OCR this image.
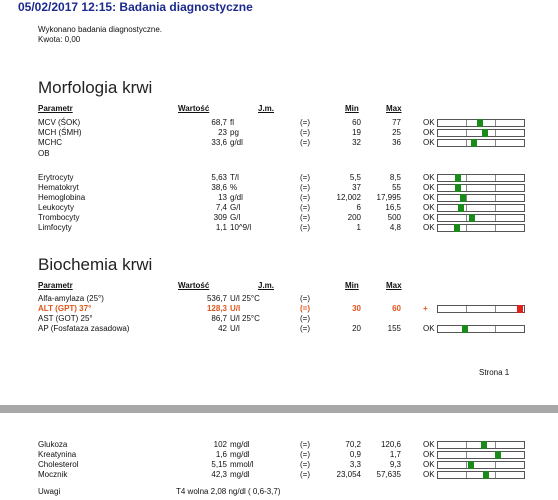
05/02/2017 12:15: Badania diagnostyczne
Wykonano badania diagnostyczne.
Kwota: 0,00
Morfologia krwi
Parametr	Wartość	J.m.	Min	Max
MCV (ŚOK)	68,7 fl	(=)	60	77	OK
MCH (ŚMH)	23 pg	(=)	19	25	OK
MCHC	33,6 g/dl	(=)	32	36	OK
OB
Erytrocyty	5,63 T/l	(=)	5,5	8,5	OK
Hematokryt	38,6 %	(=)	37	55	OK
Hemoglobina	13 g/dl	(=)	12,002 17,995	OK
Leukocyty	7,4 G/l	(=)	6	16,5	OK
Trombocyty	309 G/l	(=)	200	500	OK
Limfocyty	1,1 10^9/l	(=)	1	4,8	OK
Biochemia krwi
Parametr	Wartość	J.m.	Min	Max
Alfa-amylaza (25°)	536,7 U/l 25°C	(=)
ALT (GPT) 37°	128,3 U/l	(=)	30	60	+
AST (GOT) 25°	86,7 U/l 25°C	(=)
AP (Fosfataza zasadowa)	42 U/l	(=)	20	155	OK
Strona 1
Glukoza	102 mg/dl	(=)	70,2 120,6	OK
Kreatynina	1,6 mg/dl	(=)	0,9	1,7	OK
Cholesterol	5,15 mmol/l	(=)	3,3	9,3	OK
Mocznik	42,3 mg/dl	(=)	23,054 57,635	OK
Uwagi	T4 wolna 2,08 ng/dl ( 0,6-3,7)
